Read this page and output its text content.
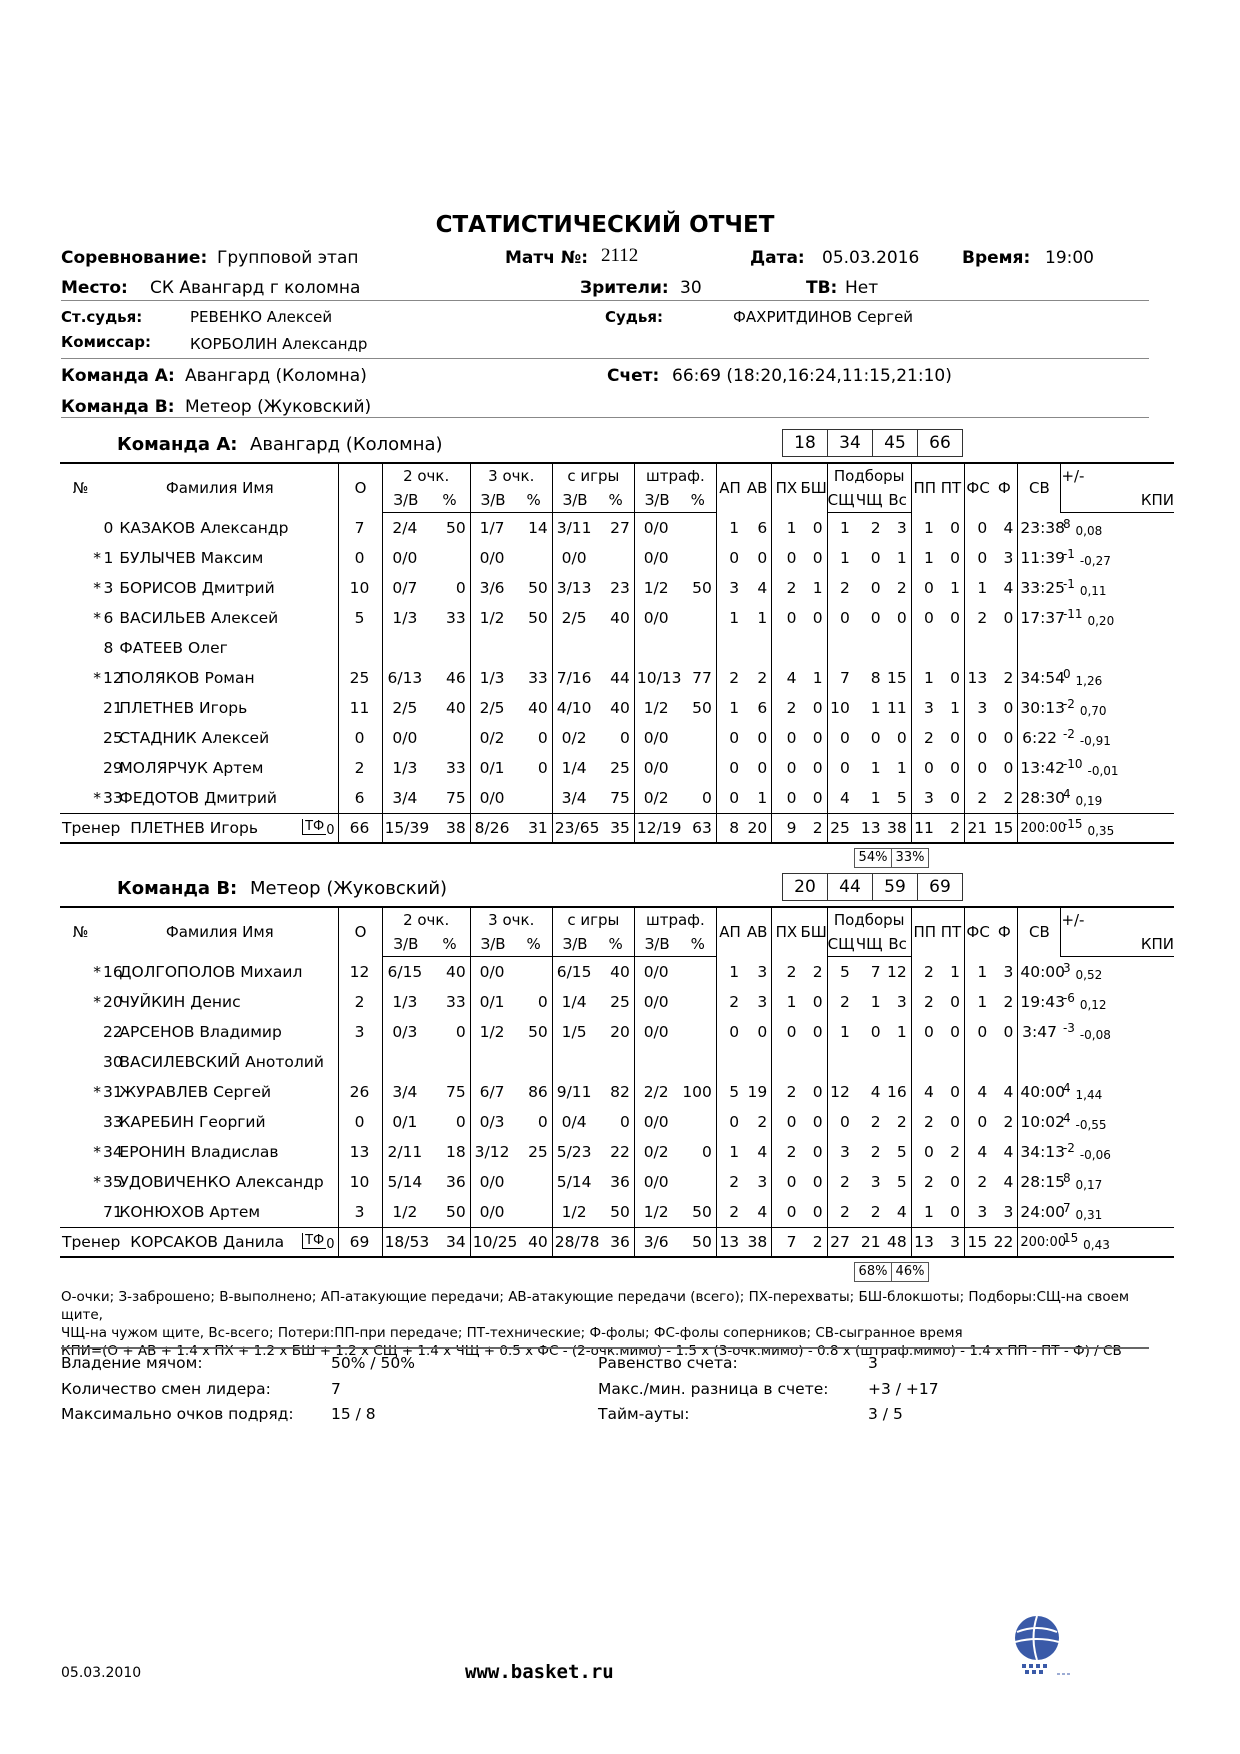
СТАТИСТИЧЕСКИЙ ОТЧЕТ
Соревнование: Групповой этап	Матч №: 2112	Дата: 05.03.2016	Время: 19:00
Место: СК Авангард г коломна	Зрители: 30	ТВ: Нет
Ст.судья:	РЕВЕНКО Алексей	Судья:	ФАХРИТДИНОВ Сергей
Комиссар:	КОРБОЛИН Александр
Команда А: Авангард (Коломна)	Счет: 66:69 (18:20,16:24,11:15,21:10)
Команда В: Метеор (Жуковский)
Команда А: Авангард (Коломна)	18	34	45	66
№	Фамилия Имя		О	2 очк.		3 очк.		с игры		штраф.		АП	АВ	ПХ	БШ	Подборы			ПП	ПТ	ФС	Ф	СВ	+/-
				З/В	%	З/В	%	З/В	%	З/В	%					СЩ	ЧЩ	Вс						КПИ
	0	КАЗАКОВ Александр	7	2/4	50	1/7	14	3/11	27	0/0		1	6	1	0	1	2	3	1	0	0	4	23:38	$^8$ 0,08
*	1	БУЛЫЧЕВ Максим	0	0/0		0/0		0/0		0/0		0	0	0	0	1	0	1	1	0	0	3	11:39	$^{-1}$ -0,27
*	3	БОРИСОВ Дмитрий	10	0/7	0	3/6	50	3/13	23	1/2	50	3	4	2	1	2	0	2	0	1	1	4	33:25	$^{-1}$ 0,11
*	6	ВАСИЛЬЕВ Алексей	5	1/3	33	1/2	50	2/5	40	0/0		1	1	0	0	0	0	0	0	0	2	0	17:37	$^{-11}$ 0,20
	8	ФАТЕЕВ Олег																						
*	12	ПОЛЯКОВ Роман	25	6/13	46	1/3	33	7/16	44	10/13	77	2	2	4	1	7	8	15	1	0	13	2	34:54	$^0$ 1,26
	21	ПЛЕТНЕВ Игорь	11	2/5	40	2/5	40	4/10	40	1/2	50	1	6	2	0	10	1	11	3	1	3	0	30:13	$^{-2}$ 0,70
	25	СТАДНИК Алексей	0	0/0		0/2	0	0/2	0	0/0		0	0	0	0	0	0	0	2	0	0	0	6:22	$^{-2}$ -0,91
	29	МОЛЯРЧУК Артем	2	1/3	33	0/1	0	1/4	25	0/0		0	0	0	0	0	1	1	0	0	0	0	13:42	$^{-10}$ -0,01
*	33	ФЕДОТОВ Дмитрий	6	3/4	75	0/0		3/4	75	0/2	0	0	1	0	0	4	1	5	3	0	2	2	28:30	$^4$ 0,19
Тренер ПЛЕТНЕВ Игорь ТФ 0			66	15/39	38	8/26	31	23/65	35	12/19	63	8	20	9	2	25	13	38	11	2	21	15	200:00	$^{-15}$ 0,35
54% 33%
Команда В: Метеор (Жуковский)	20	44	59	69
№	Фамилия Имя		О	2 очк.		3 очк.		с игры		штраф.		АП	АВ	ПХ	БШ	Подборы			ПП	ПТ	ФС	Ф	СВ	+/-
				З/В	%	З/В	%	З/В	%	З/В	%					СЩ	ЧЩ	Вс						КПИ
*	16	ДОЛГОПОЛОВ Михаил	12	6/15	40	0/0		6/15	40	0/0		1	3	2	2	5	7	12	2	1	1	3	40:00	$^3$ 0,52
*	20	ЧУЙКИН Денис	2	1/3	33	0/1	0	1/4	25	0/0		2	3	1	0	2	1	3	2	0	1	2	19:43	$^{-6}$ 0,12
	22	АРСЕНОВ Владимир	3	0/3	0	1/2	50	1/5	20	0/0		0	0	0	0	1	0	1	0	0	0	0	3:47	$^{-3}$ -0,08
	30	ВАСИЛЕВСКИЙ Анотолий																						
*	31	ЖУРАВЛЕВ Сергей	26	3/4	75	6/7	86	9/11	82	2/2	100	5	19	2	0	12	4	16	4	0	4	4	40:00	$^4$ 1,44
	33	КАРЕБИН Георгий	0	0/1	0	0/3	0	0/4	0	0/0		0	2	0	0	0	2	2	2	0	0	2	10:02	$^4$ -0,55
*	34	ЕРОНИН Владислав	13	2/11	18	3/12	25	5/23	22	0/2	0	1	4	2	0	3	2	5	0	2	4	4	34:13	$^{-2}$ -0,06
*	35	УДОВИЧЕНКО Александр	10	5/14	36	0/0		5/14	36	0/0		2	3	0	0	2	3	5	2	0	2	4	28:15	$^8$ 0,17
	71	КОНЮХОВ Артем	3	1/2	50	0/0		1/2	50	1/2	50	2	4	0	0	2	2	4	1	0	3	3	24:00	$^7$ 0,31
Тренер КОРСАКОВ Данила ТФ 0			69	18/53	34	10/25	40	28/78	36	3/6	50	13	38	7	2	27	21	48	13	3	15	22	200:00	$^{15}$ 0,43
68% 46%
О-очки; З-заброшено; В-выполнено; АП-атакующие передачи; АВ-атакующие передачи (всего); ПХ-перехваты; БШ-блокшоты; Подборы:СЩ-на своем щите,
ЧЩ-на чужом щите, Вс-всего; Потери:ПП-при передаче; ПТ-технические; Ф-фолы; ФС-фолы соперников; СВ-сыгранное время
КПИ=(О + АВ + 1.4 x ПХ + 1.2 x БШ + 1.2 x СЩ + 1.4 x ЧЩ + 0.5 x ФС - (2-очк.мимо) - 1.5 x (3-очк.мимо) - 0.8 x (штраф.мимо) - 1.4 x ПП - ПТ - Ф) / СВ
Владение мячом:	50% / 50%
Количество смен лидера:	7
Максимально очков подряд: 15 / 8
Равенство счета:	3
Макс./мин. разница в счете:	+3 / +17
Тайм-ауты:	3 / 5
05.03.2010	www.basket.ru
